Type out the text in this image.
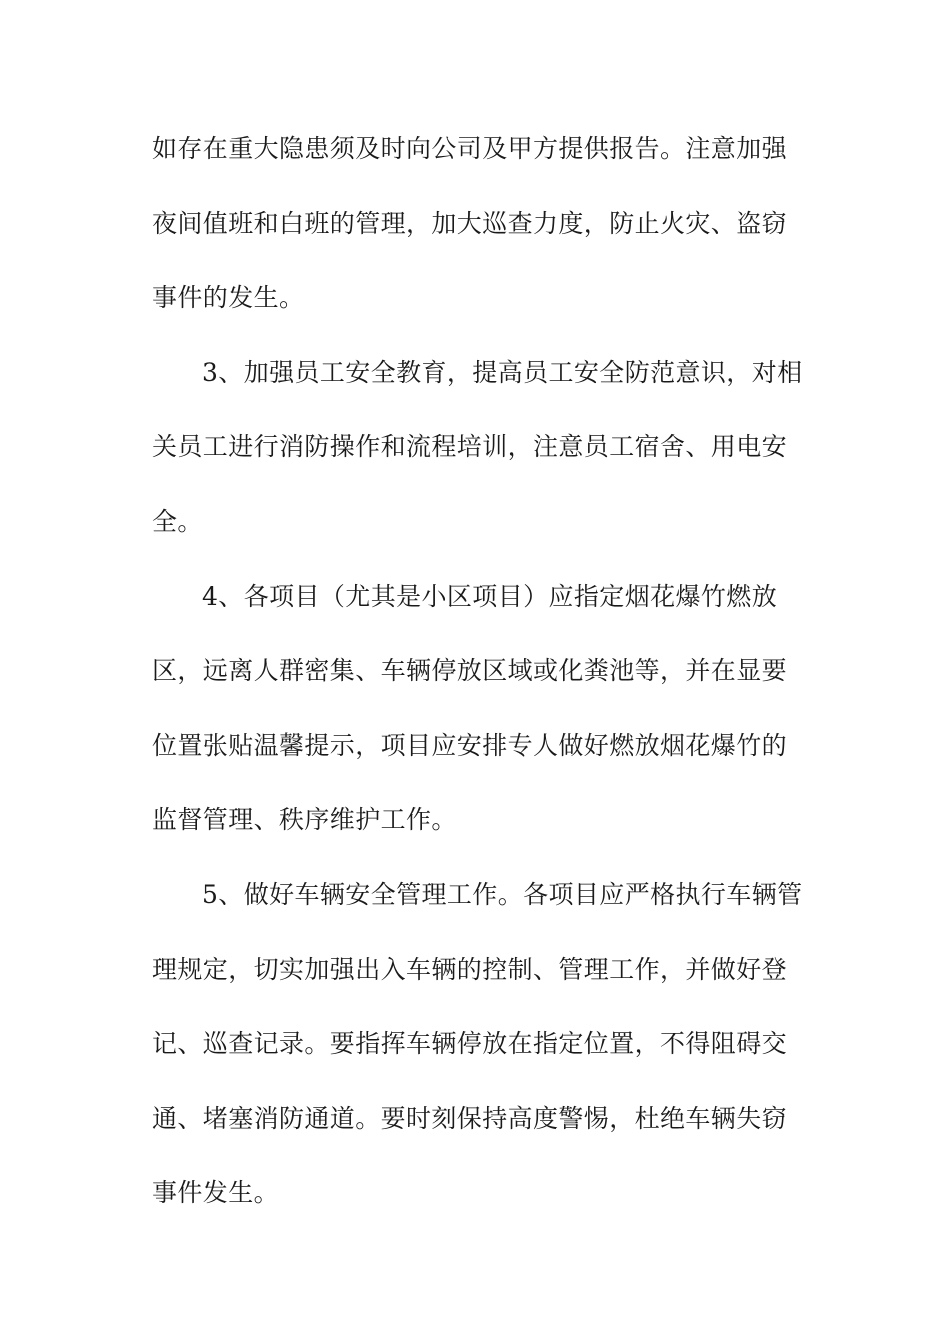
如存在重大隐患须及时向公司及甲方提供报告。注意加强
夜间值班和白班的管理，加大巡查力度，防止火灾、盗窃
事件的发生。
3、加强员工安全教育，提高员工安全防范意识，对相
关员工进行消防操作和流程培训，注意员工宿舍、用电安
全。
4、各项目（尤其是小区项目）应指定烟花爆竹燃放
区，远离人群密集、车辆停放区域或化粪池等，并在显要
位置张贴温馨提示，项目应安排专人做好燃放烟花爆竹的
监督管理、秩序维护工作。
5、做好车辆安全管理工作。各项目应严格执行车辆管
理规定，切实加强出入车辆的控制、管理工作，并做好登
记、巡查记录。要指挥车辆停放在指定位置，不得阻碍交
通、堵塞消防通道。要时刻保持高度警惕，杜绝车辆失窃
事件发生。
